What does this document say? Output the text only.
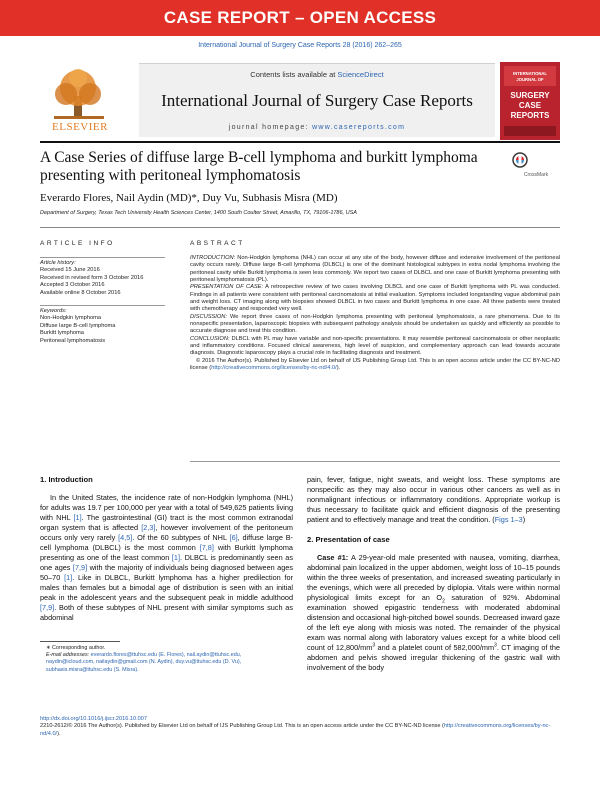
CASE REPORT – OPEN ACCESS
International Journal of Surgery Case Reports 28 (2016) 262–265
ELSEVIER
Contents lists available at ScienceDirect
International Journal of Surgery Case Reports
journal homepage: www.casereports.com
INTERNATIONAL
JOURNAL OF
SURGERY
CASE
REPORTS
A Case Series of diffuse large B-cell lymphoma and burkitt lymphoma presenting with peritoneal lymphomatosis	CrossMark
Everardo Flores, Nail Aydin (MD)*, Duy Vu, Subhasis Misra (MD)
Department of Surgery, Texas Tech University Health Sciences Center, 1400 South Coulter Street, Amarillo, TX, 79106-1786, USA
ARTICLE INFO	ABSTRACT
Article history:
Received 15 June 2016
Received in revised form 3 October 2016
Accepted 3 October 2016
Available online 8 October 2016
Keywords:
Non-Hodgkin lymphoma
Diffuse large B-cell lymphoma
Burkitt lymphoma
Peritoneal lymphomatosis

INTRODUCTION: Non-Hodgkin lymphoma (NHL) can occur at any site of the body, however diffuse and extensive involvement of the peritoneal cavity occurs rarely. Diffuse large B-cell lymphoma (DLBCL) is one of the dominant histological subtypes in extra nodal lymphoma involving the peritoneal cavity while Burkitt lymphoma is seen less commonly. We report two cases of DLBCL and one case of Burkitt lymphoma presenting with peritoneal lymphomatosis (PL).

PRESENTATION OF CASE: A retrospective review of two cases involving DLBCL and one case of Burkitt lymphoma with PL was conducted. Findings in all patients were consistent with peritoneal carcinomatosis at initial evaluation. Symptoms included longstanding vague abdominal pain and weight loss. CT imaging along with biopsies showed DLBCL in two cases and Burkitt lymphoma in one case. All three patients were treated with chemotherapy and responded very well.

DISCUSSION: We report three cases of non-Hodgkin lymphoma presenting with peritoneal lymphomatosis, a rare phenomena. Due to its nonspecific presentation, laparoscopic biopsies with subsequent pathology analysis should be undertaken as quickly and efficiently as possible to accurate diagnose and treat this condition.

CONCLUSION: DLBCL with PL may have variable and non-specific presentations. It may resemble peritoneal carcinomatosis or other neoplastic and inflammatory conditions. Focused clinical awareness, high level of suspicion, and complementary approach can lead towards accurate diagnosis. Diagnostic laparoscopy plays a crucial role in facilitating diagnosis and treatment.

© 2016 The Author(s). Published by Elsevier Ltd on behalf of IJS Publishing Group Ltd. This is an open access article under the CC BY-NC-ND license (http://creativecommons.org/licenses/by-nc-nd/4.0/).

1. Introduction

In the United States, the incidence rate of non-Hodgkin lymphoma (NHL) for adults was 19.7 per 100,000 per year with a total of 549,625 patients living with NHL [1]. The gastrointestinal (GI) tract is the most common extranodal organ system that is affected [2,3], however involvement of the peritoneum occurs only very rarely [4,5]. Of the 60 subtypes of NHL [6], diffuse large B-cell lymphoma (DLBCL) is the most common [7,8] with Burkitt lymphoma presenting as one of the least common [1]. DLBCL is predominantly seen as one ages [7,9] with the majority of individuals being diagnosed between ages 50–70 [1]. Like in DLBCL, Burkitt lymphoma has a higher predilection for males than females but a bimodal age of distribution is seen with an initial peak in the adolescent years and the subsequent peak in middle adulthood [7,9]. Both of these subtypes of NHL present with similar symptoms such as abdominal

pain, fever, fatigue, night sweats, and weight loss. These symptoms are nonspecific as they may also occur in various other cancers as well as in nonmalignant infectious or inflammatory conditions. Appropriate workup is thus necessary to facilitate quick and efficient diagnosis of the presenting patient and to effectively manage and treat the condition. (Figs 1–3)

2. Presentation of case

Case #1: A 29-year-old male presented with nausea, vomiting, diarrhea, abdominal pain localized in the upper abdomen, weight loss of 10–15 pounds within the three weeks of presentation, and increased sweating particularly in the evenings, which were all preceded by diplopia. Vitals were within normal physiological limits except for an $O_2$ saturation of 92%. Abdominal examination showed epigastric tenderness with moderated abdominal distension and occasional high-pitched bowel sounds. Decreased inward gaze of the left eye along with miosis was noted. The remainder of the physical exam was normal along with laboratory values except for a white blood cell count of $12,800/mm^3$ and a platelet count of $582,000/mm^3$. CT imaging of the abdomen and pelvis showed irregular thickening of the gastric wall with involvement of the body

∗ Corresponding author.
E-mail addresses: everardo.flores@ttuhsc.edu (E. Flores), nail.aydin@ttuhsc.edu, naydin@icloud.com, nailaydin@gmail.com (N. Aydin), duy.vu@ttuhsc.edu (D. Vu), subhasis.misra@ttuhsc.edu (S. Misra).
http://dx.doi.org/10.1016/j.ijscr.2016.10.007
2210-2612/© 2016 The Author(s). Published by Elsevier Ltd on behalf of IJS Publishing Group Ltd. This is an open access article under the CC BY-NC-ND license (http://creativecommons.org/licenses/by-nc-nd/4.0/).
